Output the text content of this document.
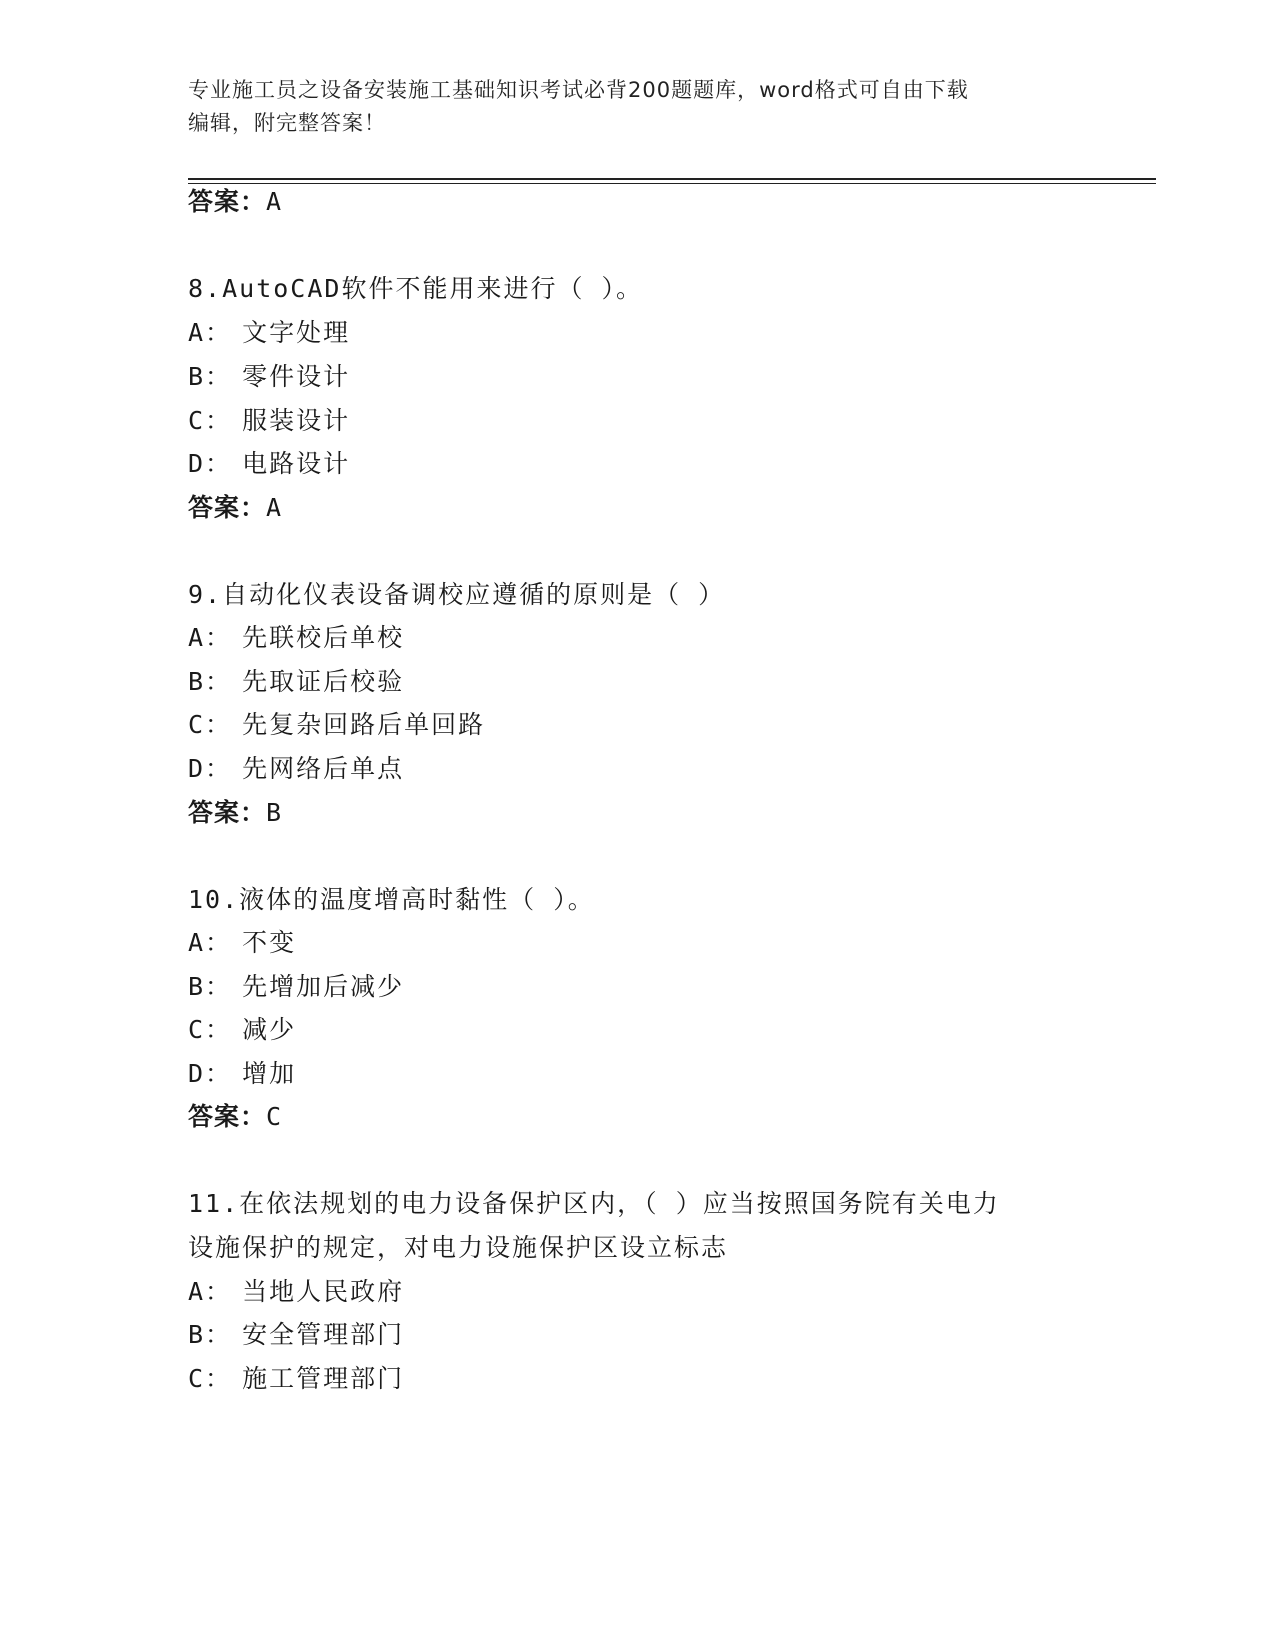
专业施工员之设备安装施工基础知识考试必背200题题库，word格式可自由下载
编辑，附完整答案！
答案：A
8.AutoCAD软件不能用来进行（ ）。
A： 文字处理
B： 零件设计
C： 服装设计
D： 电路设计
答案：A
9.自动化仪表设备调校应遵循的原则是（ ）
A： 先联校后单校
B： 先取证后校验
C： 先复杂回路后单回路
D： 先网络后单点
答案：B
10.液体的温度增高时黏性（ ）。
A： 不变
B： 先增加后减少
C： 减少
D： 增加
答案：C
11.在依法规划的电力设备保护区内，（ ）应当按照国务院有关电力
设施保护的规定，对电力设施保护区设立标志
A： 当地人民政府
B： 安全管理部门
C： 施工管理部门
